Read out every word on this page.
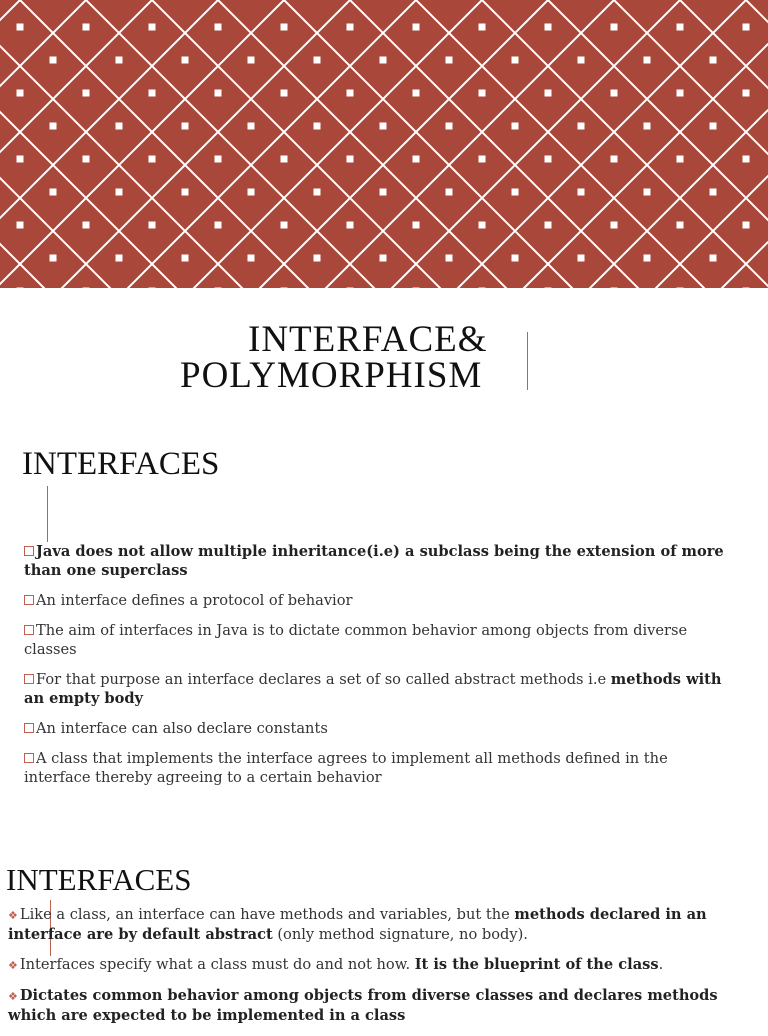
INTERFACE&
POLYMORPHISM
INTERFACES
Java does not allow multiple inheritance(i.e) a subclass being the extension of more than one superclass
An interface defines a protocol of behavior
The aim of interfaces in Java is to dictate common behavior among objects from diverse classes
For that purpose an interface declares a set of so called abstract methods i.e methods with an empty body
An interface can also declare constants
A class that implements the interface agrees to implement all methods defined in the interface thereby agreeing to a certain behavior
INTERFACES
❖ Like a class, an interface can have methods and variables, but the methods declared in an interface are by default abstract (only method signature, no body).
❖ Interfaces specify what a class must do and not how. It is the blueprint of the class.
❖ Dictates common behavior among objects from diverse classes and declares methods which are expected to be implemented in a class
